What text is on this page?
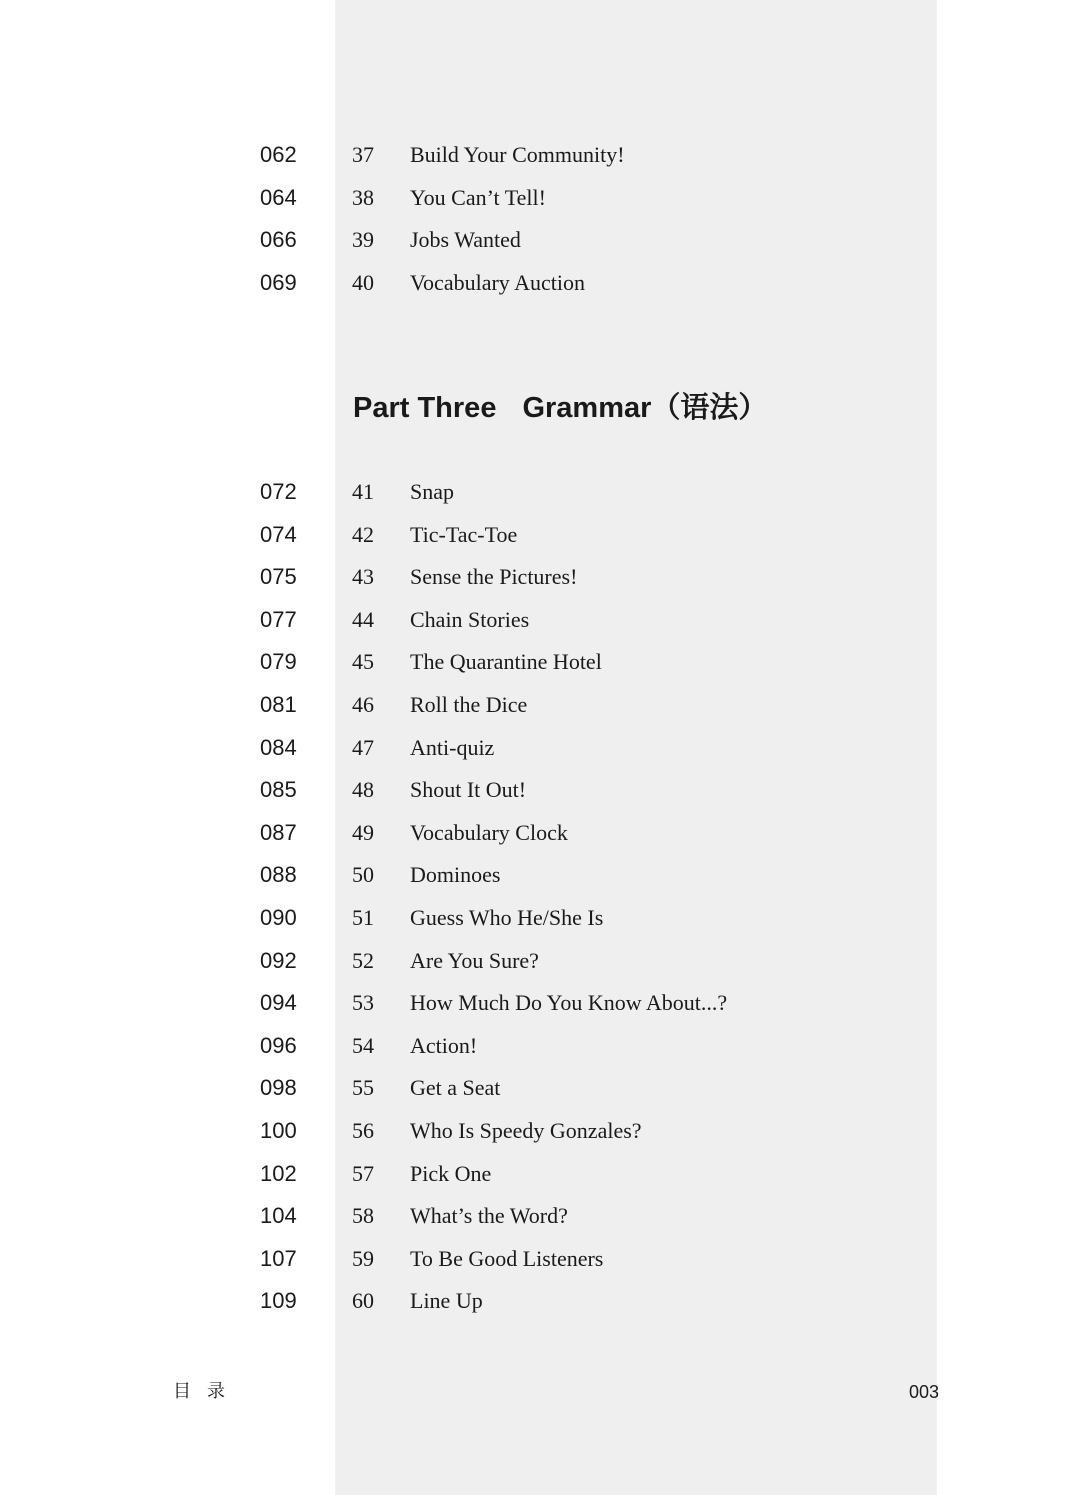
062	37 Build Your Community!
064	38 You Can’t Tell!
066	39 Jobs Wanted
069	40 Vocabulary Auction
Part Three Grammar（语法）
072	41 Snap
074	42 Tic-Tac-Toe
075	43 Sense the Pictures!
077	44 Chain Stories
079	45 The Quarantine Hotel
081	46 Roll the Dice
084	47 Anti-quiz
085	48 Shout It Out!
087	49 Vocabulary Clock
088	50 Dominoes
090	51 Guess Who He/She Is
092	52 Are You Sure?
094	53 How Much Do You Know About...?
096	54 Action!
098	55 Get a Seat
100	56 Who Is Speedy Gonzales?
102	57 Pick One
104	58 What’s the Word?
107	59 To Be Good Listeners
109	60 Line Up
目录	003
